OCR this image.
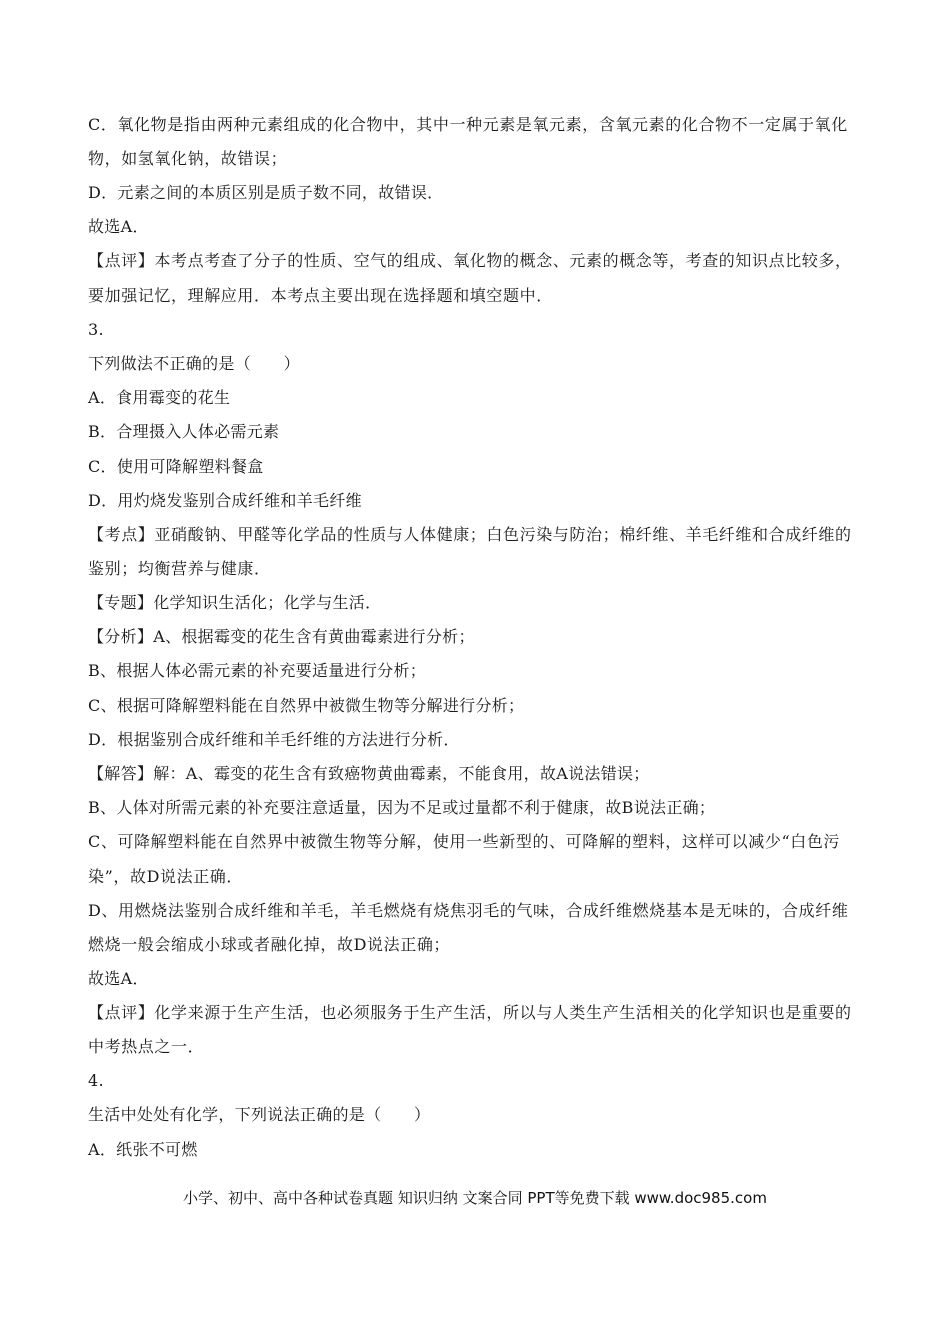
C．氧化物是指由两种元素组成的化合物中，其中一种元素是氧元素，含氧元素的化合物不一定属于氧化物，如氢氧化钠，故错误；

D．元素之间的本质区别是质子数不同，故错误．

故选A．

【点评】本考点考查了分子的性质、空气的组成、氧化物的概念、元素的概念等，考查的知识点比较多，要加强记忆，理解应用．本考点主要出现在选择题和填空题中．

3.

下列做法不正确的是（　　）

A．食用霉变的花生

B．合理摄入人体必需元素

C．使用可降解塑料餐盒

D．用灼烧发鉴别合成纤维和羊毛纤维

【考点】亚硝酸钠、甲醛等化学品的性质与人体健康；白色污染与防治；棉纤维、羊毛纤维和合成纤维的鉴别；均衡营养与健康．

【专题】化学知识生活化；化学与生活．

【分析】A、根据霉变的花生含有黄曲霉素进行分析；

B、根据人体必需元素的补充要适量进行分析；

C、根据可降解塑料能在自然界中被微生物等分解进行分析；

D．根据鉴别合成纤维和羊毛纤维的方法进行分析．

【解答】解：A、霉变的花生含有致癌物黄曲霉素，不能食用，故A说法错误；

B、人体对所需元素的补充要注意适量，因为不足或过量都不利于健康，故B说法正确；

C、可降解塑料能在自然界中被微生物等分解，使用一些新型的、可降解的塑料，这样可以减少“白色污染”，故D说法正确．

D、用燃烧法鉴别合成纤维和羊毛，羊毛燃烧有烧焦羽毛的气味，合成纤维燃烧基本是无味的，合成纤维燃烧一般会缩成小球或者融化掉，故D说法正确；

故选A．

【点评】化学来源于生产生活，也必须服务于生产生活，所以与人类生产生活相关的化学知识也是重要的中考热点之一．

4.

生活中处处有化学，下列说法正确的是（　　）

A．纸张不可燃

小学、初中、高中各种试卷真题 知识归纳 文案合同 PPT等免费下载 www.doc985.com
